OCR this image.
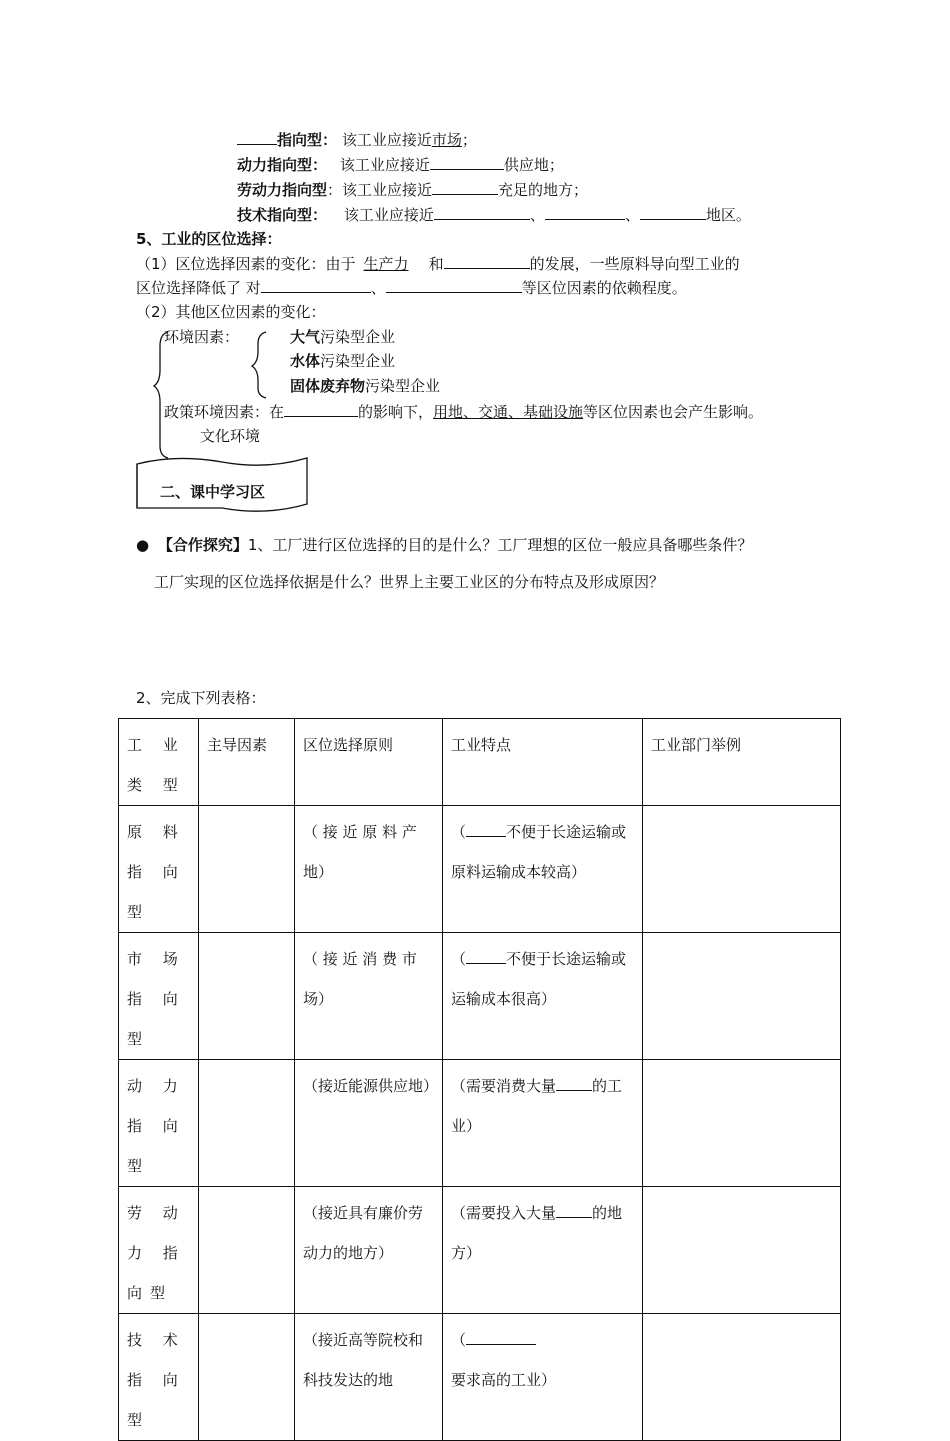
指向型： 该工业应接近市场；
动力指向型： 该工业应接近	供应地；
劳动力指向型：该工业应接近	充足的地方；
技术指向型： 该工业应接近	、	、	地区。
5、工业的区位选择：
（1）区位选择因素的变化：由于 生产力 和	的发展，一些原料导向型工业的
区位选择降低了 对	、	等区位因素的依赖程度。
（2）其他区位因素的变化：
环境因素：	大气污染型企业
水体污染型企业
固体废弃物污染型企业
政策环境因素：在	的影响下，用地、交通、基础设施等区位因素也会产生影响。
文化环境
二、课中学习区
● 【合作探究】1、工厂进行区位选择的目的是什么？工厂理想的区位一般应具备哪些条件？
工厂实现的区位选择依据是什么？世界上主要工业区的分布特点及形成原因？
2、完成下列表格：
工 业 类 型	主导因素	区位选择原则	工业特点	工业部门举例
原 料 指 向型		（ 接 近 原 料 产 地）	（ 不便于长途运输或原料运输成本较高）	
市 场 指 向型		（ 接 近 消 费 市 场）	（ 不便于长途运输或运输成本很高）	
动 力 指 向型		（接近能源供应地）	（需要消费大量 的工业）	
劳 动 力 指向型		（接近具有廉价劳动力的地方）	（需要投入大量 的地方）	
技 术 指 向型		（接近高等院校和科技发达的地	（要求高的工业）	
